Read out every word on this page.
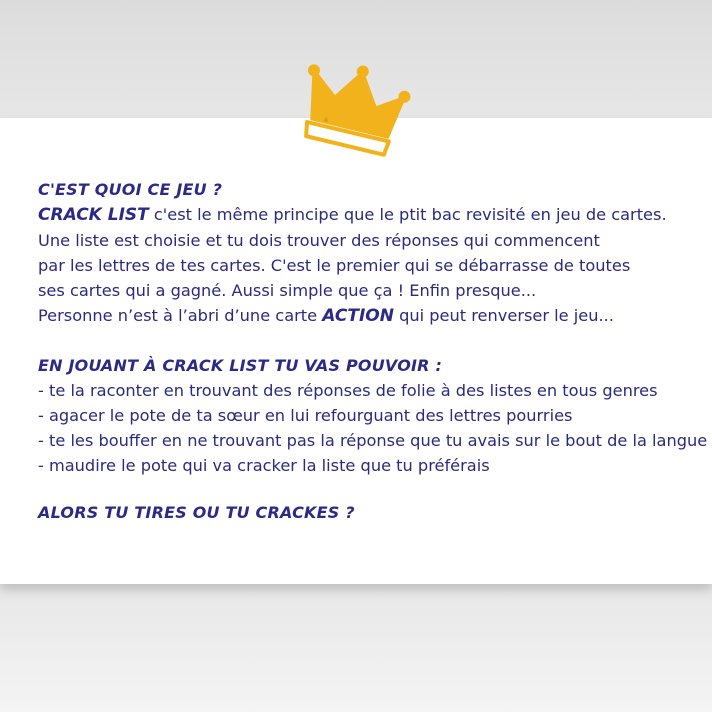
C'EST QUOI CE JEU ?
CRACK LIST c'est le même principe que le ptit bac revisité en jeu de cartes.
Une liste est choisie et tu dois trouver des réponses qui commencent
par les lettres de tes cartes. C'est le premier qui se débarrasse de toutes
ses cartes qui a gagné. Aussi simple que ça ! Enfin presque...
Personne n’est à l’abri d’une carte ACTION qui peut renverser le jeu...
EN JOUANT À CRACK LIST TU VAS POUVOIR :
- te la raconter en trouvant des réponses de folie à des listes en tous genres
- agacer le pote de ta sœur en lui refourguant des lettres pourries
- te les bouffer en ne trouvant pas la réponse que tu avais sur le bout de la langue
- maudire le pote qui va cracker la liste que tu préférais
ALORS TU TIRES OU TU CRACKES ?
